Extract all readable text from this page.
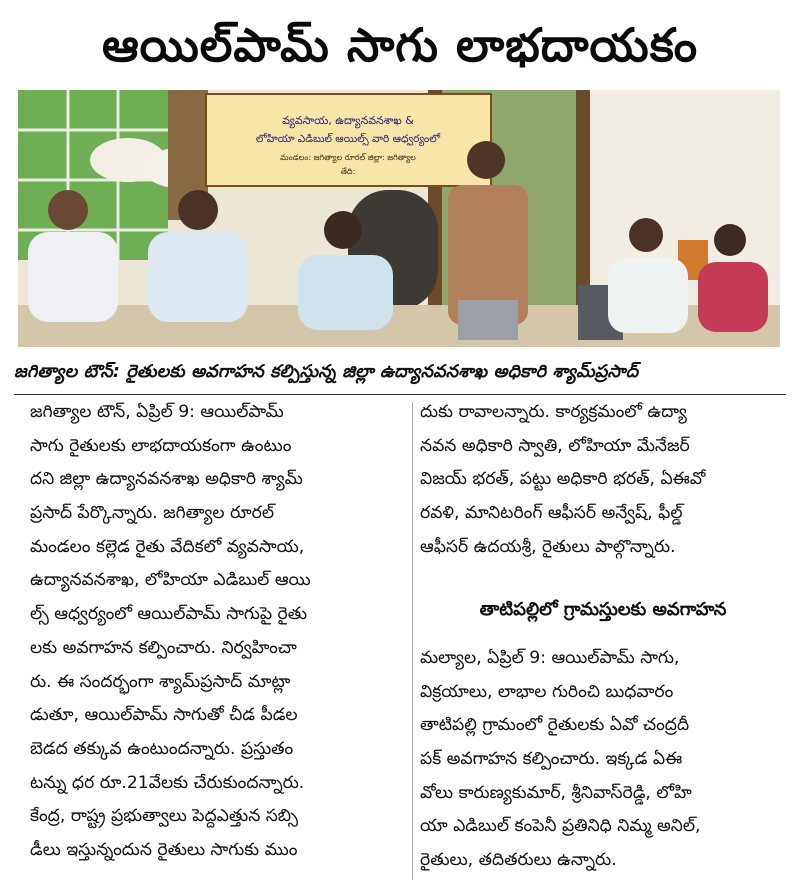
ఆయిల్‌పామ్ సాగు లాభదాయకం
వ్యవసాయ, ఉద్యానవనశాఖ &
లోహియా ఎడిబుల్ ఆయిల్స్ వారి ఆధ్వర్యంలో
మండలం: జగిత్యాల రూరల్ జిల్లా: జగిత్యాల
తేది:
జగిత్యాల టౌన్: రైతులకు అవగాహన కల్పిస్తున్న జిల్లా ఉద్యానవనశాఖ అధికారి శ్యామ్‌ప్రసాద్
జగిత్యాల టౌన్, ఏప్రిల్ 9: ఆయిల్‌పామ్
సాగు రైతులకు లాభదాయకంగా ఉంటుం
దని జిల్లా ఉద్యానవనశాఖ అధికారి శ్యామ్
ప్రసాద్ పేర్కొన్నారు. జగిత్యాల రూరల్
మండలం కల్లెడ రైతు వేదికలో వ్యవసాయ,
ఉద్యానవనశాఖ, లోహియా ఎడిబుల్ ఆయి
ల్స్ ఆధ్వర్యంలో ఆయిల్‌పామ్ సాగుపై రైతు
లకు అవగాహన కల్పించారు. నిర్వహించా
రు. ఈ సందర్భంగా శ్యామ్‌ప్రసాద్ మాట్లా
డుతూ, ఆయిల్‌పామ్ సాగుతో చీడ పీడల
బెడద తక్కువ ఉంటుందన్నారు. ప్రస్తుతం
టన్ను ధర రూ.21వేలకు చేరుకుందన్నారు.
కేంద్ర, రాష్ట్ర ప్రభుత్వాలు పెద్దఎత్తున సబ్సి
డీలు ఇస్తున్నందున రైతులు సాగుకు ముం
దుకు రావాలన్నారు. కార్యక్రమంలో ఉద్యా
నవన అధికారి స్వాతి, లోహియా మేనేజర్
విజయ్ భరత్, పట్టు అధికారి భరత్, ఏఈవో
రవళి, మానిటరింగ్ ఆఫీసర్ అన్వేష్, ఫీల్డ్
ఆఫీసర్ ఉదయశ్రీ, రైతులు పాల్గొన్నారు.
తాటిపల్లిలో గ్రామస్తులకు అవగాహన
మల్యాల, ఏప్రిల్ 9: ఆయిల్‌పామ్ సాగు,
విక్రయాలు, లాభాల గురించి బుధవారం
తాటిపల్లి గ్రామంలో రైతులకు ఏవో చంద్రదీ
పక్ అవగాహన కల్పించారు. ఇక్కడ ఏఈ
వోలు కారుణ్యకుమార్, శ్రీనివాస్‌రెడ్డి, లోహి
యా ఎడిబుల్ కంపెనీ ప్రతినిధి నిమ్మ అనిల్,
రైతులు, తదితరులు ఉన్నారు.
